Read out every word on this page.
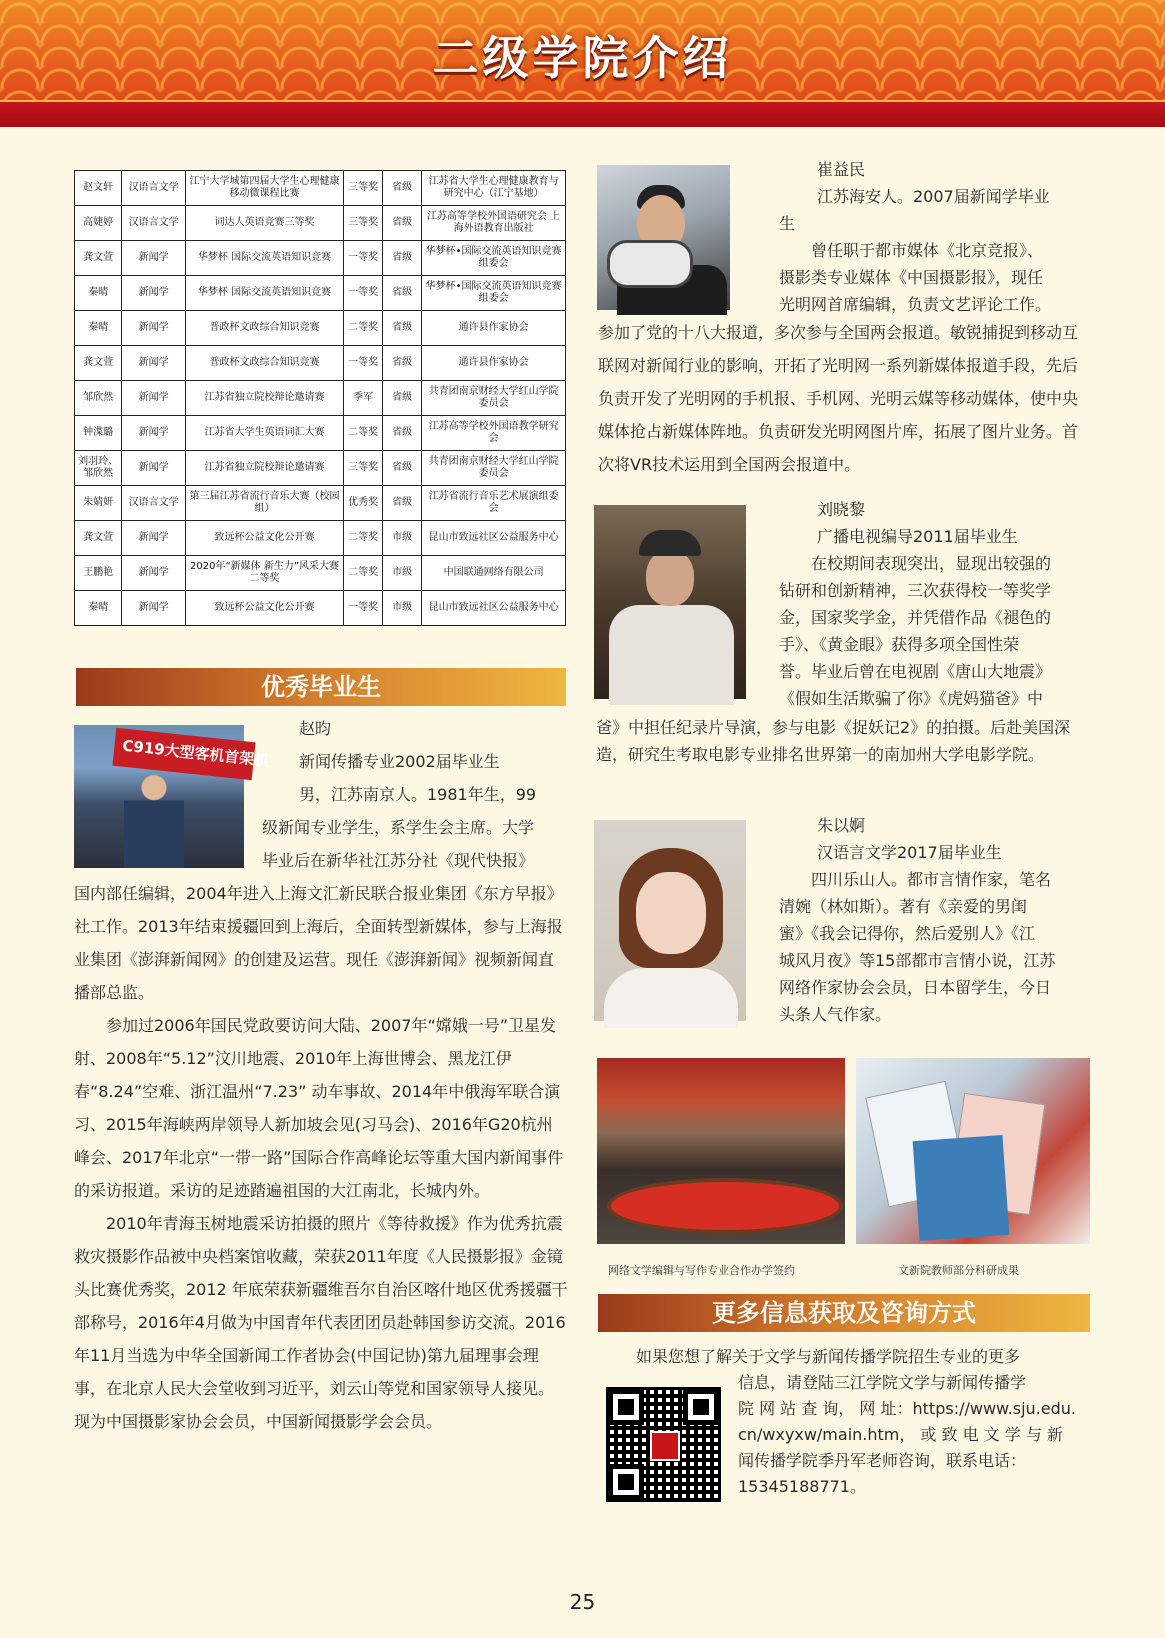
二级学院介绍
赵文轩	汉语言文学	江宁大学城第四届大学生心理健康移动微课程比赛	三等奖	省级	江苏省大学生心理健康教育与研究中心（江宁基地）
高婕婷	汉语言文学	词达人英语竞赛三等奖	三等奖	省级	江苏高等学校外国语研究会 上海外语教育出版社
龚文萱	新闻学	华梦杯 国际交流英语知识竞赛	一等奖	省级	华梦杯•国际交流英语知识竞赛组委会
秦晴	新闻学	华梦杯 国际交流英语知识竞赛	一等奖	省级	华梦杯•国际交流英语知识竞赛组委会
秦晴	新闻学	普政杯文政综合知识竞赛	二等奖	省级	通许县作家协会
龚文萱	新闻学	普政杯文政综合知识竞赛	一等奖	省级	通许县作家协会
邹欣然	新闻学	江苏省独立院校辩论邀请赛	季军	省级	共青团南京财经大学红山学院委员会
钟渫璐	新闻学	江苏省大学生英语词汇大赛	二等奖	省级	江苏高等学校外国语教学研究会
刘羽玲、邹欣然	新闻学	江苏省独立院校辩论邀请赛	三等奖	省级	共青团南京财经大学红山学院委员会
朱婧妍	汉语言文学	第三届江苏省流行音乐大赛（校园组）	优秀奖	省级	江苏省流行音乐艺术展演组委会
龚文萱	新闻学	致远杯公益文化公开赛	二等奖	市级	昆山市致远社区公益服务中心
王鹏艳	新闻学	2020年“新媒体 新生力”风采大赛二等奖	二等奖	市级	中国联通网络有限公司
秦晴	新闻学	致远杯公益文化公开赛	一等奖	市级	昆山市致远社区公益服务中心
优秀毕业生
C919大型客机首架机
赵昀
新闻传播专业2002届毕业生
男，江苏南京人。1981年生，99
级新闻专业学生，系学生会主席。大学
毕业后在新华社江苏分社《现代快报》

国内部任编辑，2004年进入上海文汇新民联合报业集团《东方早报》社工作。2013年结束援疆回到上海后，全面转型新媒体，参与上海报业集团《澎湃新闻网》的创建及运营。现任《澎湃新闻》视频新闻直播部总监。

参加过2006年国民党政要访问大陆、2007年“嫦娥一号”卫星发射、2008年“5.12”汶川地震、2010年上海世博会、黑龙江伊春“8.24”空难、浙江温州“7.23” 动车事故、2014年中俄海军联合演习、2015年海峡两岸领导人新加坡会见(习马会)、2016年G20杭州峰会、2017年北京“一带一路”国际合作高峰论坛等重大国内新闻事件的采访报道。采访的足迹踏遍祖国的大江南北，长城内外。

2010年青海玉树地震采访拍摄的照片《等待救援》作为优秀抗震救灾摄影作品被中央档案馆收藏，荣获2011年度《人民摄影报》金镜头比赛优秀奖，2012 年底荣获新疆维吾尔自治区喀什地区优秀援疆干部称号，2016年4月做为中国青年代表团团员赴韩国参访交流。2016年11月当选为中华全国新闻工作者协会(中国记协)第九届理事会理事，在北京人民大会堂收到习近平，刘云山等党和国家领导人接见。现为中国摄影家协会会员，中国新闻摄影学会会员。

崔益民
江苏海安人。2007届新闻学毕业
生
曾任职于都市媒体《北京竞报》、
摄影类专业媒体《中国摄影报》，现任
光明网首席编辑，负责文艺评论工作。

参加了党的十八大报道，多次参与全国两会报道。敏锐捕捉到移动互联网对新闻行业的影响，开拓了光明网一系列新媒体报道手段，先后负责开发了光明网的手机报、手机网、光明云媒等移动媒体，使中央媒体抢占新媒体阵地。负责研发光明网图片库，拓展了图片业务。首次将VR技术运用到全国两会报道中。

刘晓黎
广播电视编导2011届毕业生
在校期间表现突出，显现出较强的
钻研和创新精神，三次获得校一等奖学
金，国家奖学金，并凭借作品《褪色的
手》、《黄金眼》获得多项全国性荣
誉。毕业后曾在电视剧《唐山大地震》
《假如生活欺骗了你》《虎妈猫爸》中

爸》中担任纪录片导演，参与电影《捉妖记2》的拍摄。后赴美国深造，研究生考取电影专业排名世界第一的南加州大学电影学院。

朱以婀
汉语言文学2017届毕业生
四川乐山人。都市言情作家，笔名
清婉（林如斯）。著有《亲爱的男闺
蜜》《我会记得你，然后爱别人》《江
城风月夜》等15部都市言情小说，江苏
网络作家协会会员，日本留学生，今日
头条人气作家。
网络文学编辑与写作专业合作办学签约	文新院教师部分科研成果
更多信息获取及咨询方式
如果您想了解关于文学与新闻传播学院招生专业的更多
信息，请登陆三江学院文学与新闻传播学
院 网 站 查 询， 网 址：https://www.sju.edu.
cn/wxyxw/main.htm， 或 致 电 文 学 与 新
闻传播学院季丹军老师咨询，联系电话：
15345188771。
25
